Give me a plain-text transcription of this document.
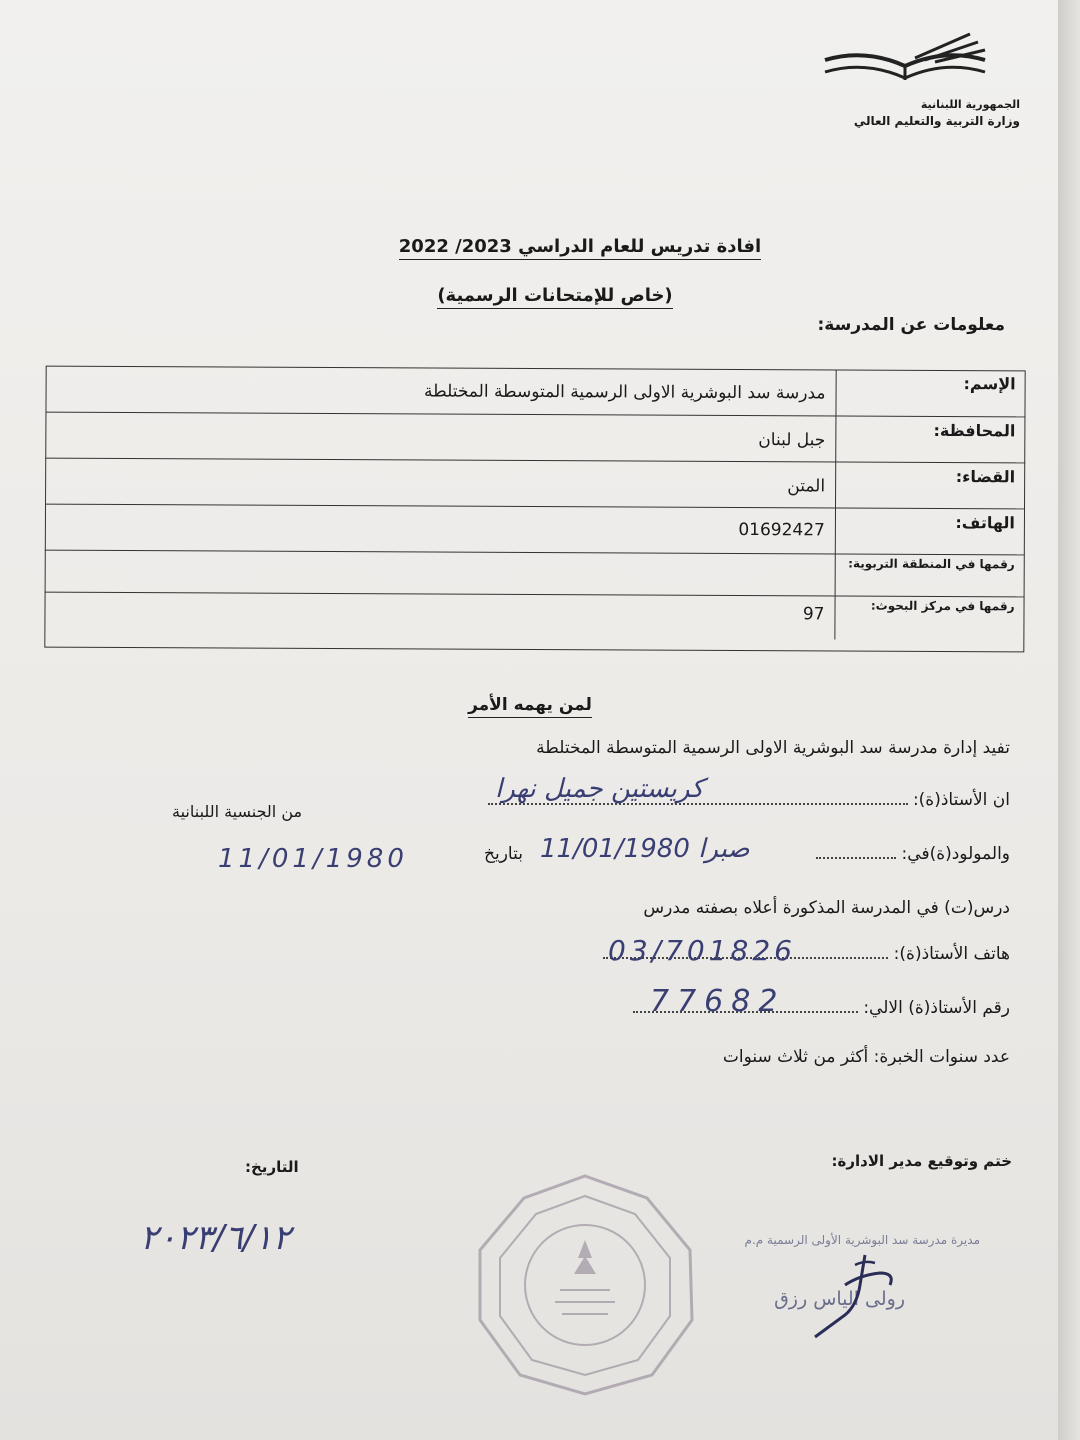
الجمهورية اللبنانية
وزارة التربية والتعليم العالي
افادة تدريس للعام الدراسي 2023/ 2022
(خاص للإمتحانات الرسمية)
معلومات عن المدرسة:
الإسم:
مدرسة سد البوشرية الاولى الرسمية المتوسطة المختلطة
المحافظة:
جبل لبنان
القضاء:
المتن
الهاتف:
01692427
رقمها في المنطقة التربوية:
رقمها في مركز البحوث:
97
لمن يهمه الأمر
تفيد إدارة مدرسة سد البوشرية الاولى الرسمية المتوسطة المختلطة
ان الأستاذ(ة):
من الجنسية اللبنانية
كريستين جميل نهرا
والمولود(ة)في:
بتاريخ صبرا 11/01/1980
11/01/1980
درس(ت) في المدرسة المذكورة أعلاه بصفته مدرس
هاتف الأستاذ(ة):
03/701826
رقم الأستاذ(ة) الالي:
77682
عدد سنوات الخبرة: أكثر من ثلاث سنوات
ختم وتوقيع مدير الادارة:
التاريخ:
٢٠٢٣/٦/١٢	مديرة مدرسة سد البوشرية الأولى الرسمية م.م
رولى الياس رزق
